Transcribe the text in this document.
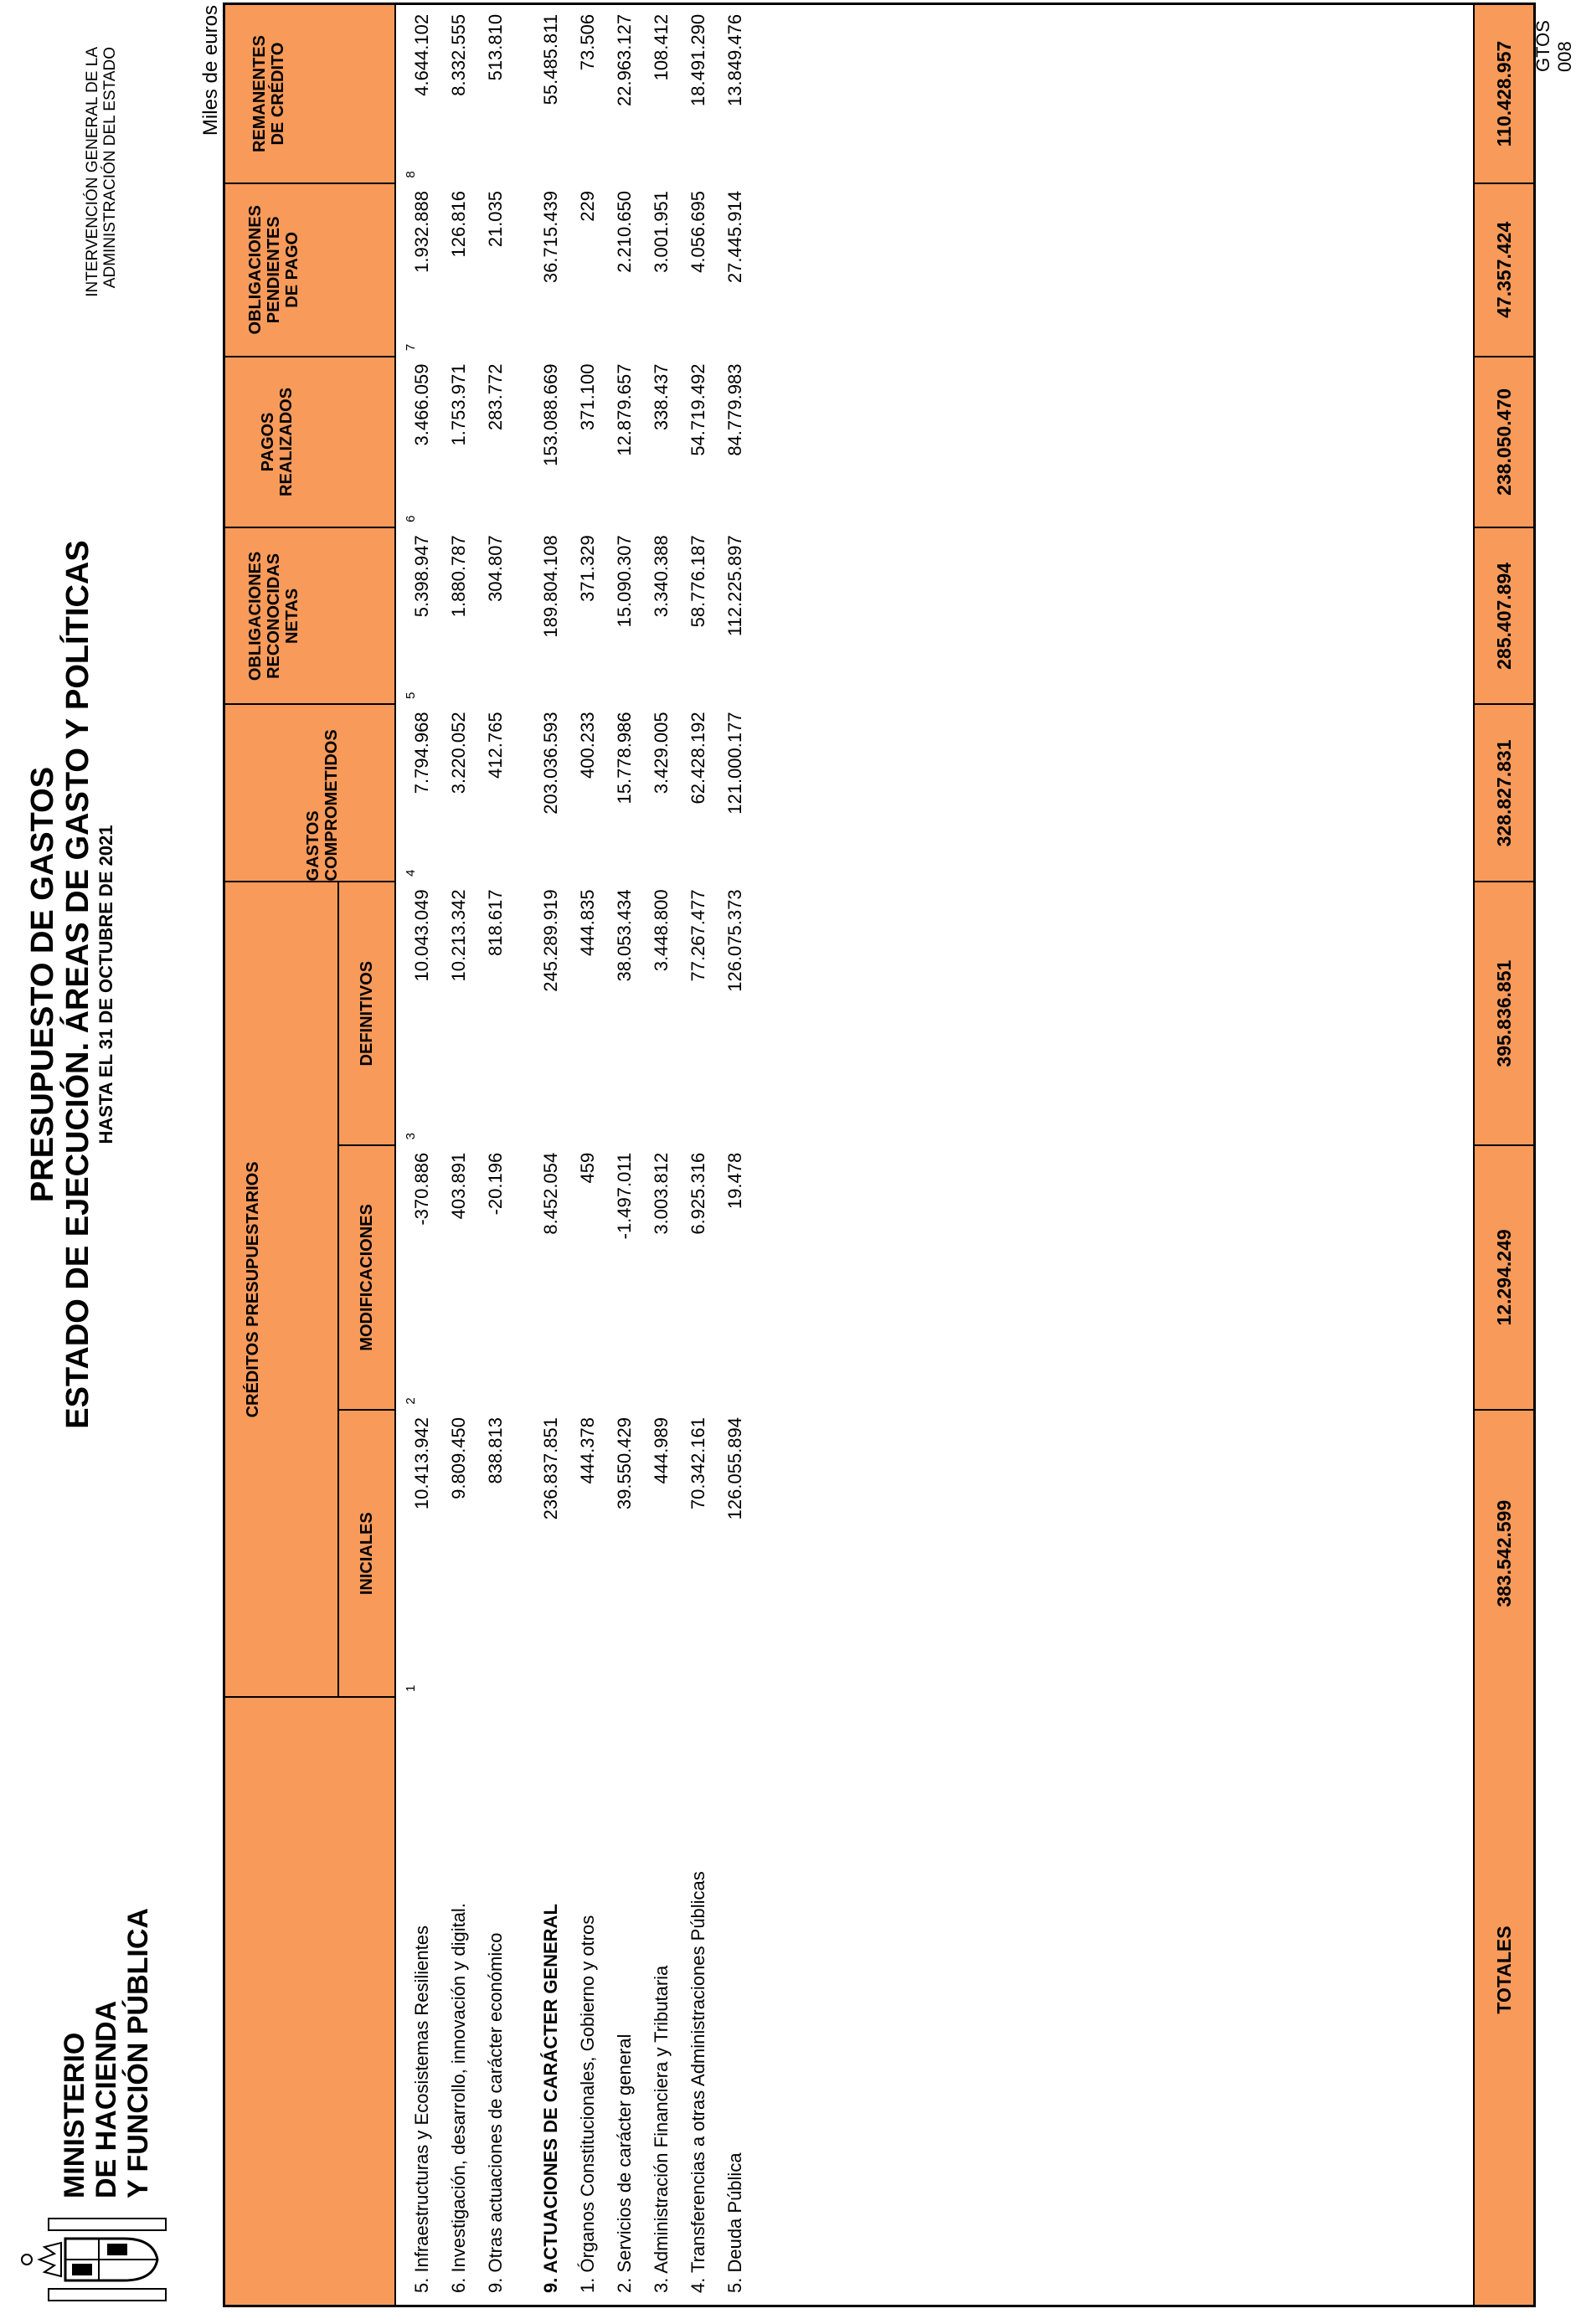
MINISTERIO DE HACIENDA Y FUNCIÓN PÚBLICA
PRESUPUESTO DE GASTOS ESTADO DE EJECUCIÓN. ÁREAS DE GASTO Y POLÍTICAS HASTA EL 31 DE OCTUBRE DE 2021
INTERVENCIÓN GENERAL DE LA ADMINISTRACIÓN DEL ESTADO	Miles de euros
CRÉDITOS PRESUPUESTARIOS
INICIALES
MODIFICACIONES
DEFINITIVOS
GASTOS COMPROMETIDOS
OBLIGACIONES RECONOCIDAS NETAS
PAGOS REALIZADOS
OBLIGACIONES PENDIENTES DE PAGO
REMANENTES DE CRÉDITO
1
2
3
4
5
6
7
8
5. Infraestructuras y Ecosistemas Resilientes
10.413.942
-370.886
10.043.049
7.794.968
5.398.947
3.466.059
1.932.888
4.644.102
6. Investigación, desarrollo, innovación y digital.
9.809.450
403.891
10.213.342
3.220.052
1.880.787
1.753.971
126.816
8.332.555
9. Otras actuaciones de carácter económico
838.813
-20.196
818.617
412.765
304.807
283.772
21.035
513.810
9. ACTUACIONES DE CARÁCTER GENERAL
236.837.851
8.452.054
245.289.919
203.036.593
189.804.108
153.088.669
36.715.439
55.485.811
1. Órganos Constitucionales, Gobierno y otros
444.378
459
444.835
400.233
371.329
371.100
229
73.506
2. Servicios de carácter general
39.550.429
-1.497.011
38.053.434
15.778.986
15.090.307
12.879.657
2.210.650
22.963.127
3. Administración Financiera y Tributaria
444.989
3.003.812
3.448.800
3.429.005
3.340.388
338.437
3.001.951
108.412
4. Transferencias a otras Administraciones Públicas
70.342.161
6.925.316
77.267.477
62.428.192
58.776.187
54.719.492
4.056.695
18.491.290
5. Deuda Pública
126.055.894
19.478
126.075.373
121.000.177
112.225.897
84.779.983
27.445.914
13.849.476
TOTALES
383.542.599
12.294.249
395.836.851
328.827.831
285.407.894
238.050.470
47.357.424
110.428.957 GTOS 008
